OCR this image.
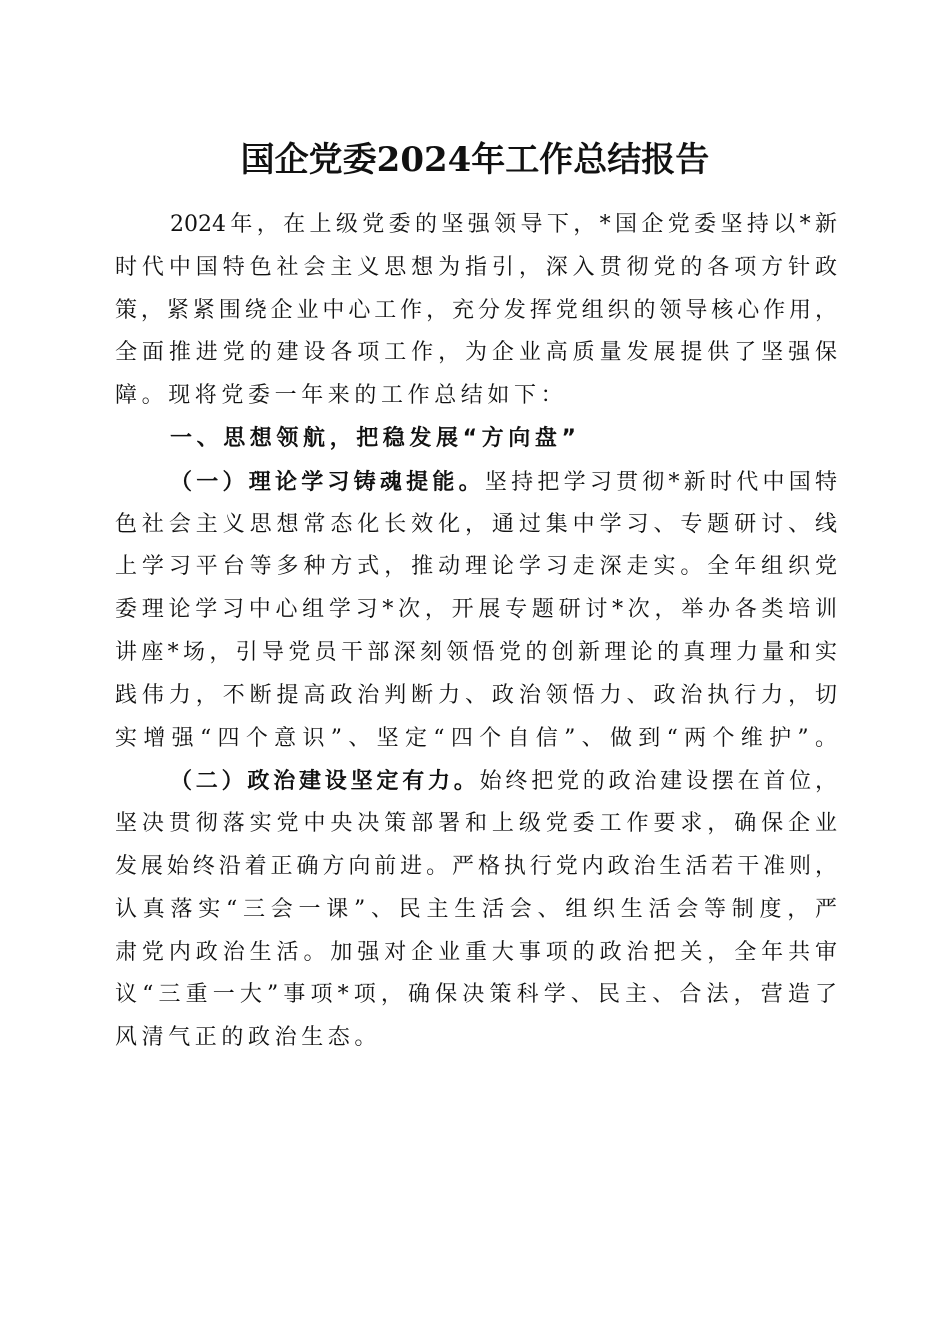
国企党委2024年工作总结报告
2024年，在上级党委的坚强领导下，*国企党委坚持以*新
时代中国特色社会主义思想为指引，深入贯彻党的各项方针政
策，紧紧围绕企业中心工作，充分发挥党组织的领导核心作用，
全面推进党的建设各项工作，为企业高质量发展提供了坚强保
障。现将党委一年来的工作总结如下：
一、思想领航，把稳发展“方向盘”
（一）理论学习铸魂提能。坚持把学习贯彻*新时代中国特
色社会主义思想常态化长效化，通过集中学习、专题研讨、线
上学习平台等多种方式，推动理论学习走深走实。全年组织党
委理论学习中心组学习*次，开展专题研讨*次，举办各类培训
讲座*场，引导党员干部深刻领悟党的创新理论的真理力量和实
践伟力，不断提高政治判断力、政治领悟力、政治执行力，切
实增强“四个意识”、坚定“四个自信”、做到“两个维护”。
（二）政治建设坚定有力。始终把党的政治建设摆在首位，
坚决贯彻落实党中央决策部署和上级党委工作要求，确保企业
发展始终沿着正确方向前进。严格执行党内政治生活若干准则，
认真落实“三会一课”、民主生活会、组织生活会等制度，严
肃党内政治生活。加强对企业重大事项的政治把关，全年共审
议“三重一大”事项*项，确保决策科学、民主、合法，营造了
风清气正的政治生态。
